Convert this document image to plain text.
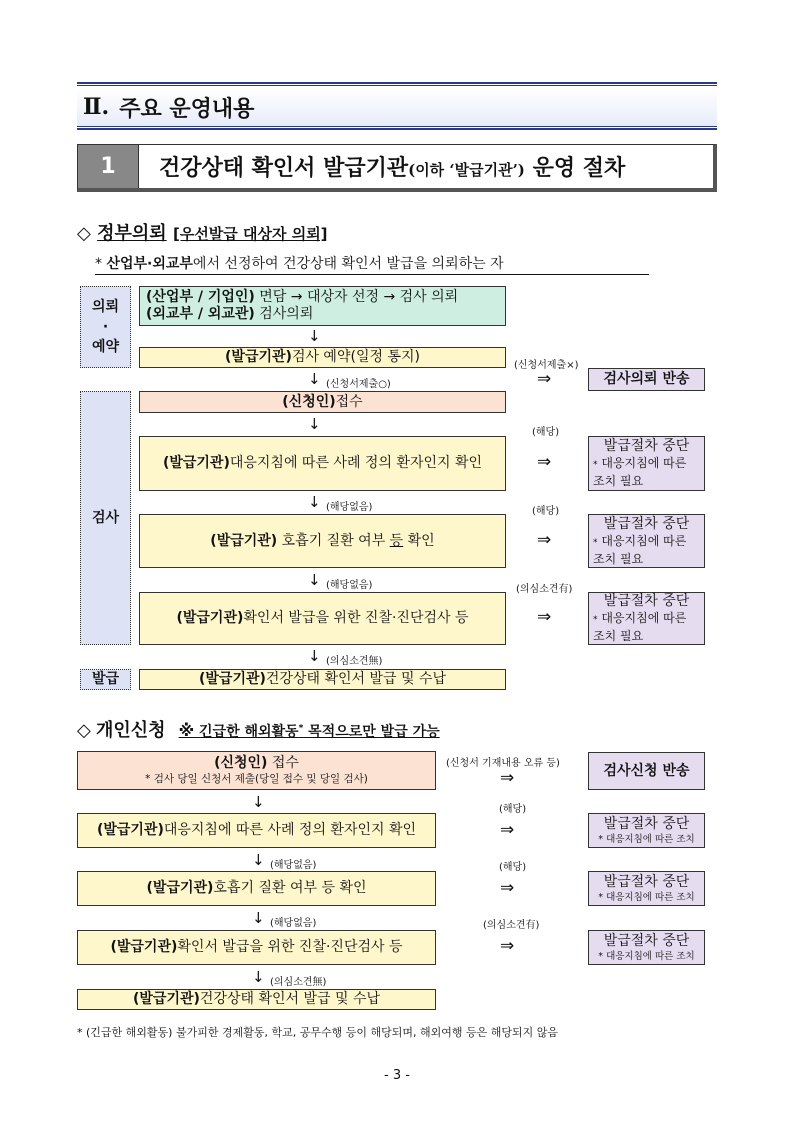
Ⅱ. 주요 운영내용
1	건강상태 확인서 발급기관(이하 ‘발급기관’) 운영 절차
◇ 정부의뢰 [우선발급 대상자 의뢰]
* 산업부·외교부에서 선정하여 건강상태 확인서 발급을 의뢰하는 자
의뢰
·
예약
검사
발급
(산업부 / 기업인) 면담 → 대상자 선정 → 검사 의뢰
(외교부 / 외교관) 검사의뢰
↓
(발급기관) 검사 예약(일정 통지)
(신청서제출×)
↓ (신청서제출○)	⇒	검사의뢰 반송
(신청인) 접수
↓	(해당)
(발급기관) 대응지침에 따른 사례 정의 환자인지 확인	⇒
발급절차 중단
* 대응지침에 따른
조치 필요
↓ (해당없음)	(해당)
(발급기관) 호흡기 질환 여부 등 확인	⇒
발급절차 중단
* 대응지침에 따른
조치 필요
↓ (해당없음)	(의심소견有)
(발급기관) 확인서 발급을 위한 진찰·진단검사 등	⇒
발급절차 중단
* 대응지침에 따른
조치 필요
↓ (의심소견無)
(발급기관) 건강상태 확인서 발급 및 수납
◇ 개인신청 ※ 긴급한 해외활동* 목적으로만 발급 가능
(신청인) 접수
* 검사 당일 신청서 제출(당일 접수 및 당일 검사)
(신청서 기재내용 오류 등)
⇒	검사신청 반송
↓	(해당)
(발급기관) 대응지침에 따른 사례 정의 환자인지 확인	⇒	발급절차 중단
* 대응지침에 따른 조치
↓ (해당없음)	(해당)
(발급기관) 호흡기 질환 여부 등 확인	⇒	발급절차 중단
* 대응지침에 따른 조치
↓ (해당없음)	(의심소견有)
(발급기관) 확인서 발급을 위한 진찰·진단검사 등	⇒	발급절차 중단
* 대응지침에 따른 조치
↓ (의심소견無)
(발급기관) 건강상태 확인서 발급 및 수납
* (긴급한 해외활동) 불가피한 경제활동, 학교, 공무수행 등이 해당되며, 해외여행 등은 해당되지 않음
- 3 -
